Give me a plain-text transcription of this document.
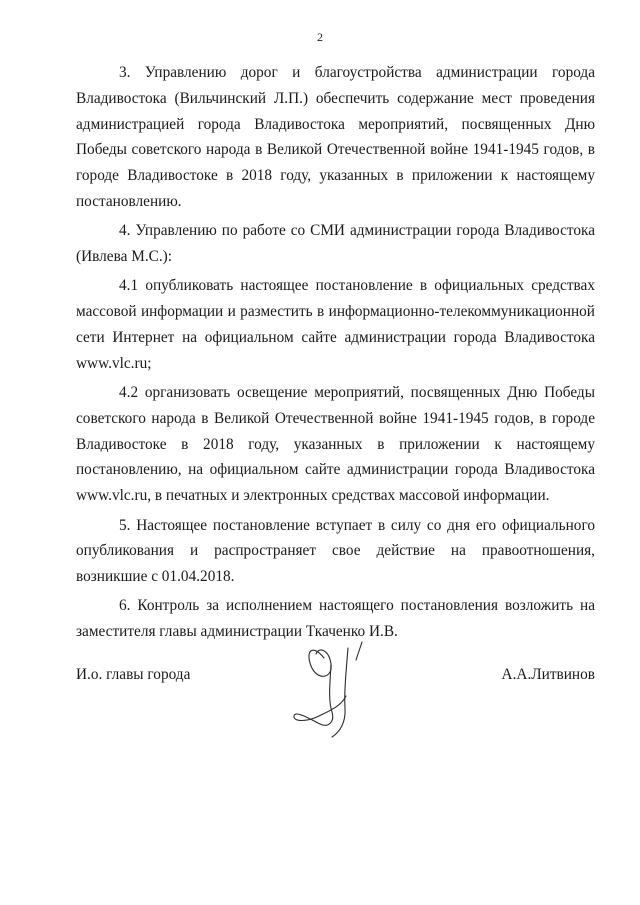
2

3. Управлению дорог и благоустройства администрации города Владивостока (Вильчинский Л.П.) обеспечить содержание мест проведения администрацией города Владивостока мероприятий, посвященных Дню Победы советского народа в Великой Отечественной войне 1941-1945 годов, в городе Владивостоке в 2018 году, указанных в приложении к настоящему постановлению.

4. Управлению по работе со СМИ администрации города Владивостока (Ивлева М.С.):

4.1 опубликовать настоящее постановление в официальных средствах массовой информации и разместить в информационно-телекоммуникационной сети Интернет на официальном сайте администрации города Владивостока www.vlc.ru;

4.2 организовать освещение мероприятий, посвященных Дню Победы советского народа в Великой Отечественной войне 1941-1945 годов, в городе Владивостоке в 2018 году, указанных в приложении к настоящему постановлению, на официальном сайте администрации города Владивостока www.vlc.ru, в печатных и электронных средствах массовой информации.

5. Настоящее постановление вступает в силу со дня его официального опубликования и распространяет свое действие на правоотношения, возникшие с 01.04.2018.

6. Контроль за исполнением настоящего постановления возложить на заместителя главы администрации Ткаченко И.В.

И.о. главы города	А.А.Литвинов
